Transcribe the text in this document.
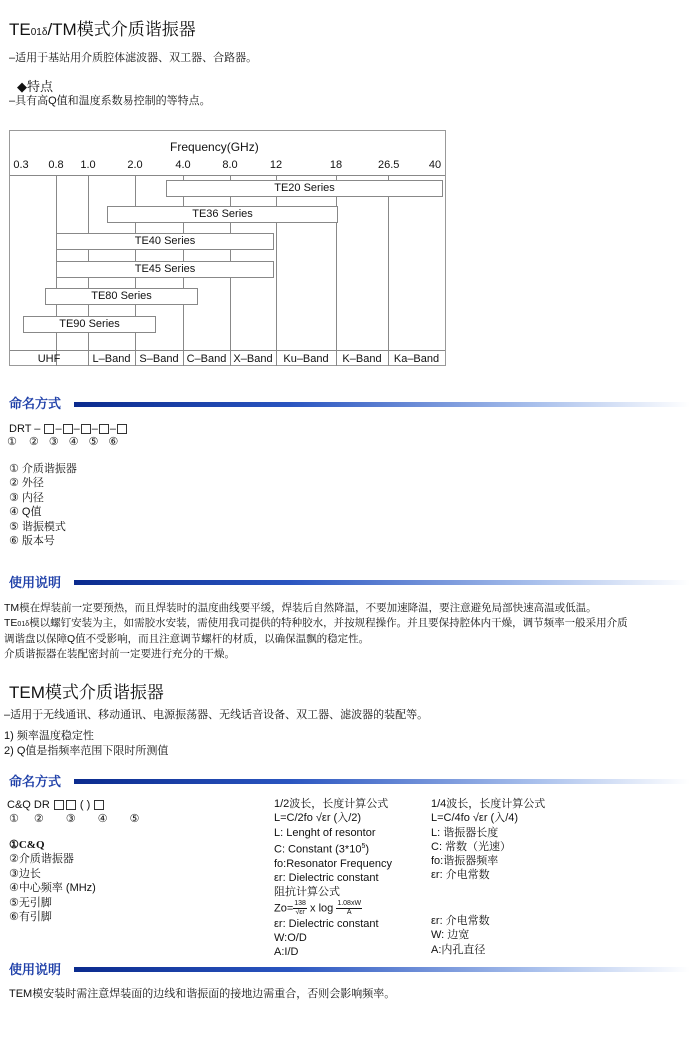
TE01δ/TM模式介质谐振器
–适用于基站用介质腔体滤波器、双工器、合路器。
◆特点
–具有高Q值和温度系数易控制的等特点。
Frequency(GHz)
0.3 0.8 1.0	2.0	4.0	8.0	12	18	26.5	40
TE20 Series
TE36 Series
TE40 Series
TE45 Series
TE80 Series
TE90 Series
UHF	L–Band S–Band C–Band X–Band Ku–Band	K–Band	Ka–Band
命名方式
DRT – – – – –
① ② ③ ④ ⑤ ⑥
① 介质谐振器
② 外径
③ 内径
④ Q值
⑤ 谐振模式
⑥ 版本号
使用说明
TM模在焊装前一定要预热，而且焊装时的温度曲线要平缓，焊装后自然降温，不要加速降温，要注意避免局部快速高温或低温。
TE01δ模以螺钉安装为主，如需胶水安装，需使用我司提供的特种胶水，并按规程操作。并且要保持腔体内干燥，调节频率一般采用介质
调谐盘以保障Q值不受影响，而且注意调节螺杆的材质，以确保温飘的稳定性。
介质谐振器在装配密封前一定要进行充分的干燥。
TEM模式介质谐振器
–适用于无线通讯、移动通讯、电源振荡器、无线话音设备、双工器、滤波器的装配等。
1) 频率温度稳定性
2) Q值是指频率范围下限时所测值
命名方式
C&Q DR	( )
① ② ③ ④ ⑤
①C&Q
②介质谐振器
③边长
④中心频率 (MHz)
⑤无引脚
⑥有引脚
1/2波长，长度计算公式
L=C/2fo √εr (入/2)
L: Lenght of resontor
C: Constant $(3*10^5)$
fo:Resonator Frequency
εr: Dielectric constant
阻抗计算公式
$Zo= \frac{138}{√\varepsilon r}$ x $\log \frac{1.08xW}{A}$
εr: Dielectric constant
W:O/D
A:I/D
1/4波长，长度计算公式
L=C/4fo √εr (入/4)
L: 谐振器长度
C: 常数（光速）
fo:谐振器频率
εr: 介电常数
εr: 介电常数
W: 边宽
A:内孔直径
使用说明
TEM模安装时需注意焊装面的边线和谐振面的接地边需重合，否则会影响频率。
